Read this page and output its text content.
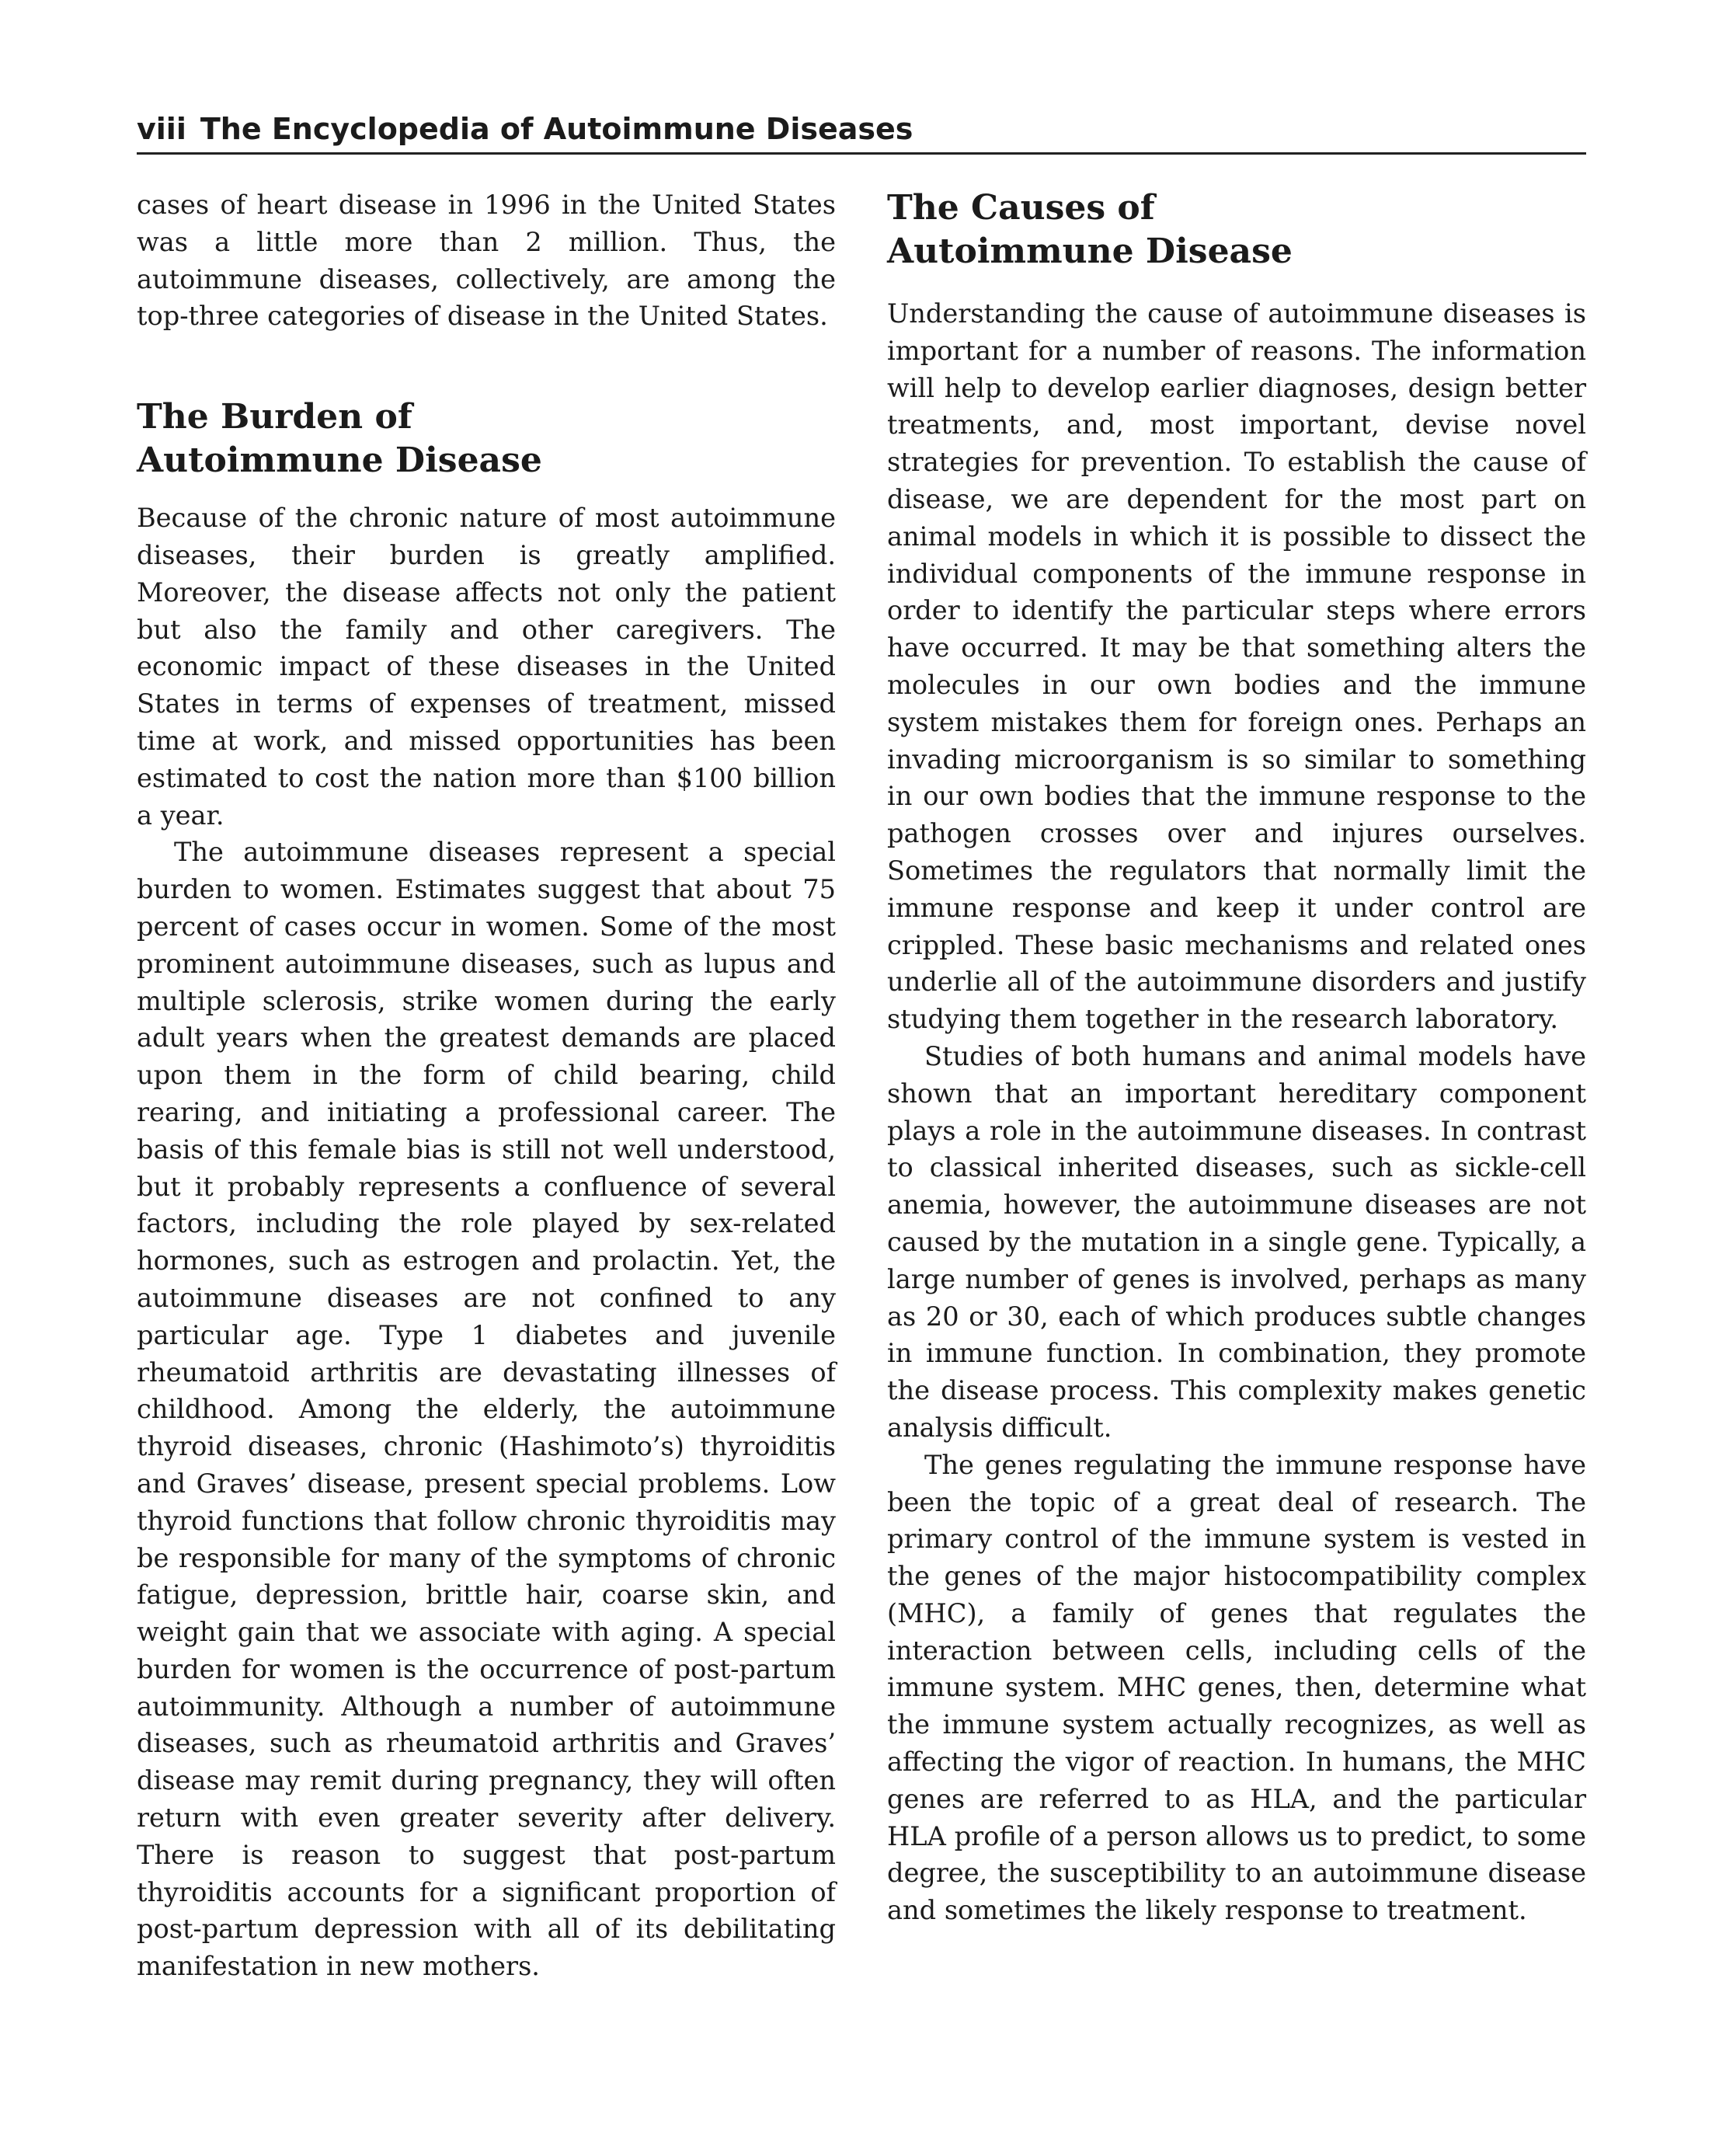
viii The Encyclopedia of Autoimmune Diseases

cases of heart disease in 1996 in the United States was a little more than 2 million. Thus, the autoimmune diseases, collectively, are among the top-three categories of disease in the United States.

The Burden of
Autoimmune Disease

Because of the chronic nature of most autoimmune diseases, their burden is greatly amplified. Moreover, the disease affects not only the patient but also the family and other caregivers. The economic impact of these diseases in the United States in terms of expenses of treatment, missed time at work, and missed opportunities has been estimated to cost the nation more than $100 billion a year.

The autoimmune diseases represent a special burden to women. Estimates suggest that about 75 percent of cases occur in women. Some of the most prominent autoimmune diseases, such as lupus and multiple sclerosis, strike women during the early adult years when the greatest demands are placed upon them in the form of child bearing, child rearing, and initiating a professional career. The basis of this female bias is still not well understood, but it probably represents a confluence of several factors, including the role played by sex-related hormones, such as estrogen and prolactin. Yet, the autoimmune diseases are not confined to any particular age. Type 1 diabetes and juvenile rheumatoid arthritis are devastating illnesses of childhood. Among the elderly, the autoimmune thyroid diseases, chronic (Hashimoto’s) thyroiditis and Graves’ disease, present special problems. Low thyroid functions that follow chronic thyroiditis may be responsible for many of the symptoms of chronic fatigue, depression, brittle hair, coarse skin, and weight gain that we associate with aging. A special burden for women is the occurrence of post-partum autoimmunity. Although a number of autoimmune diseases, such as rheumatoid arthritis and Graves’ disease may remit during pregnancy, they will often return with even greater severity after delivery. There is reason to suggest that post-partum thyroiditis accounts for a significant proportion of post-partum depression with all of its debilitating manifestation in new mothers.

The Causes of
Autoimmune Disease

Understanding the cause of autoimmune diseases is important for a number of reasons. The information will help to develop earlier diagnoses, design better treatments, and, most important, devise novel strategies for prevention. To establish the cause of disease, we are dependent for the most part on animal models in which it is possible to dissect the individual components of the immune response in order to identify the particular steps where errors have occurred. It may be that something alters the molecules in our own bodies and the immune system mistakes them for foreign ones. Perhaps an invading microorganism is so similar to something in our own bodies that the immune response to the pathogen crosses over and injures ourselves. Sometimes the regulators that normally limit the immune response and keep it under control are crippled. These basic mechanisms and related ones underlie all of the autoimmune disorders and justify studying them together in the research laboratory.

Studies of both humans and animal models have shown that an important hereditary component plays a role in the autoimmune diseases. In contrast to classical inherited diseases, such as sickle-cell anemia, however, the autoimmune diseases are not caused by the mutation in a single gene. Typically, a large number of genes is involved, perhaps as many as 20 or 30, each of which produces subtle changes in immune function. In combination, they promote the disease process. This complexity makes genetic analysis difficult.

The genes regulating the immune response have been the topic of a great deal of research. The primary control of the immune system is vested in the genes of the major histocompatibility complex (MHC), a family of genes that regulates the interaction between cells, including cells of the immune system. MHC genes, then, determine what the immune system actually recognizes, as well as affecting the vigor of reaction. In humans, the MHC genes are referred to as HLA, and the particular HLA profile of a person allows us to predict, to some degree, the susceptibility to an autoimmune disease and sometimes the likely response to treatment.
